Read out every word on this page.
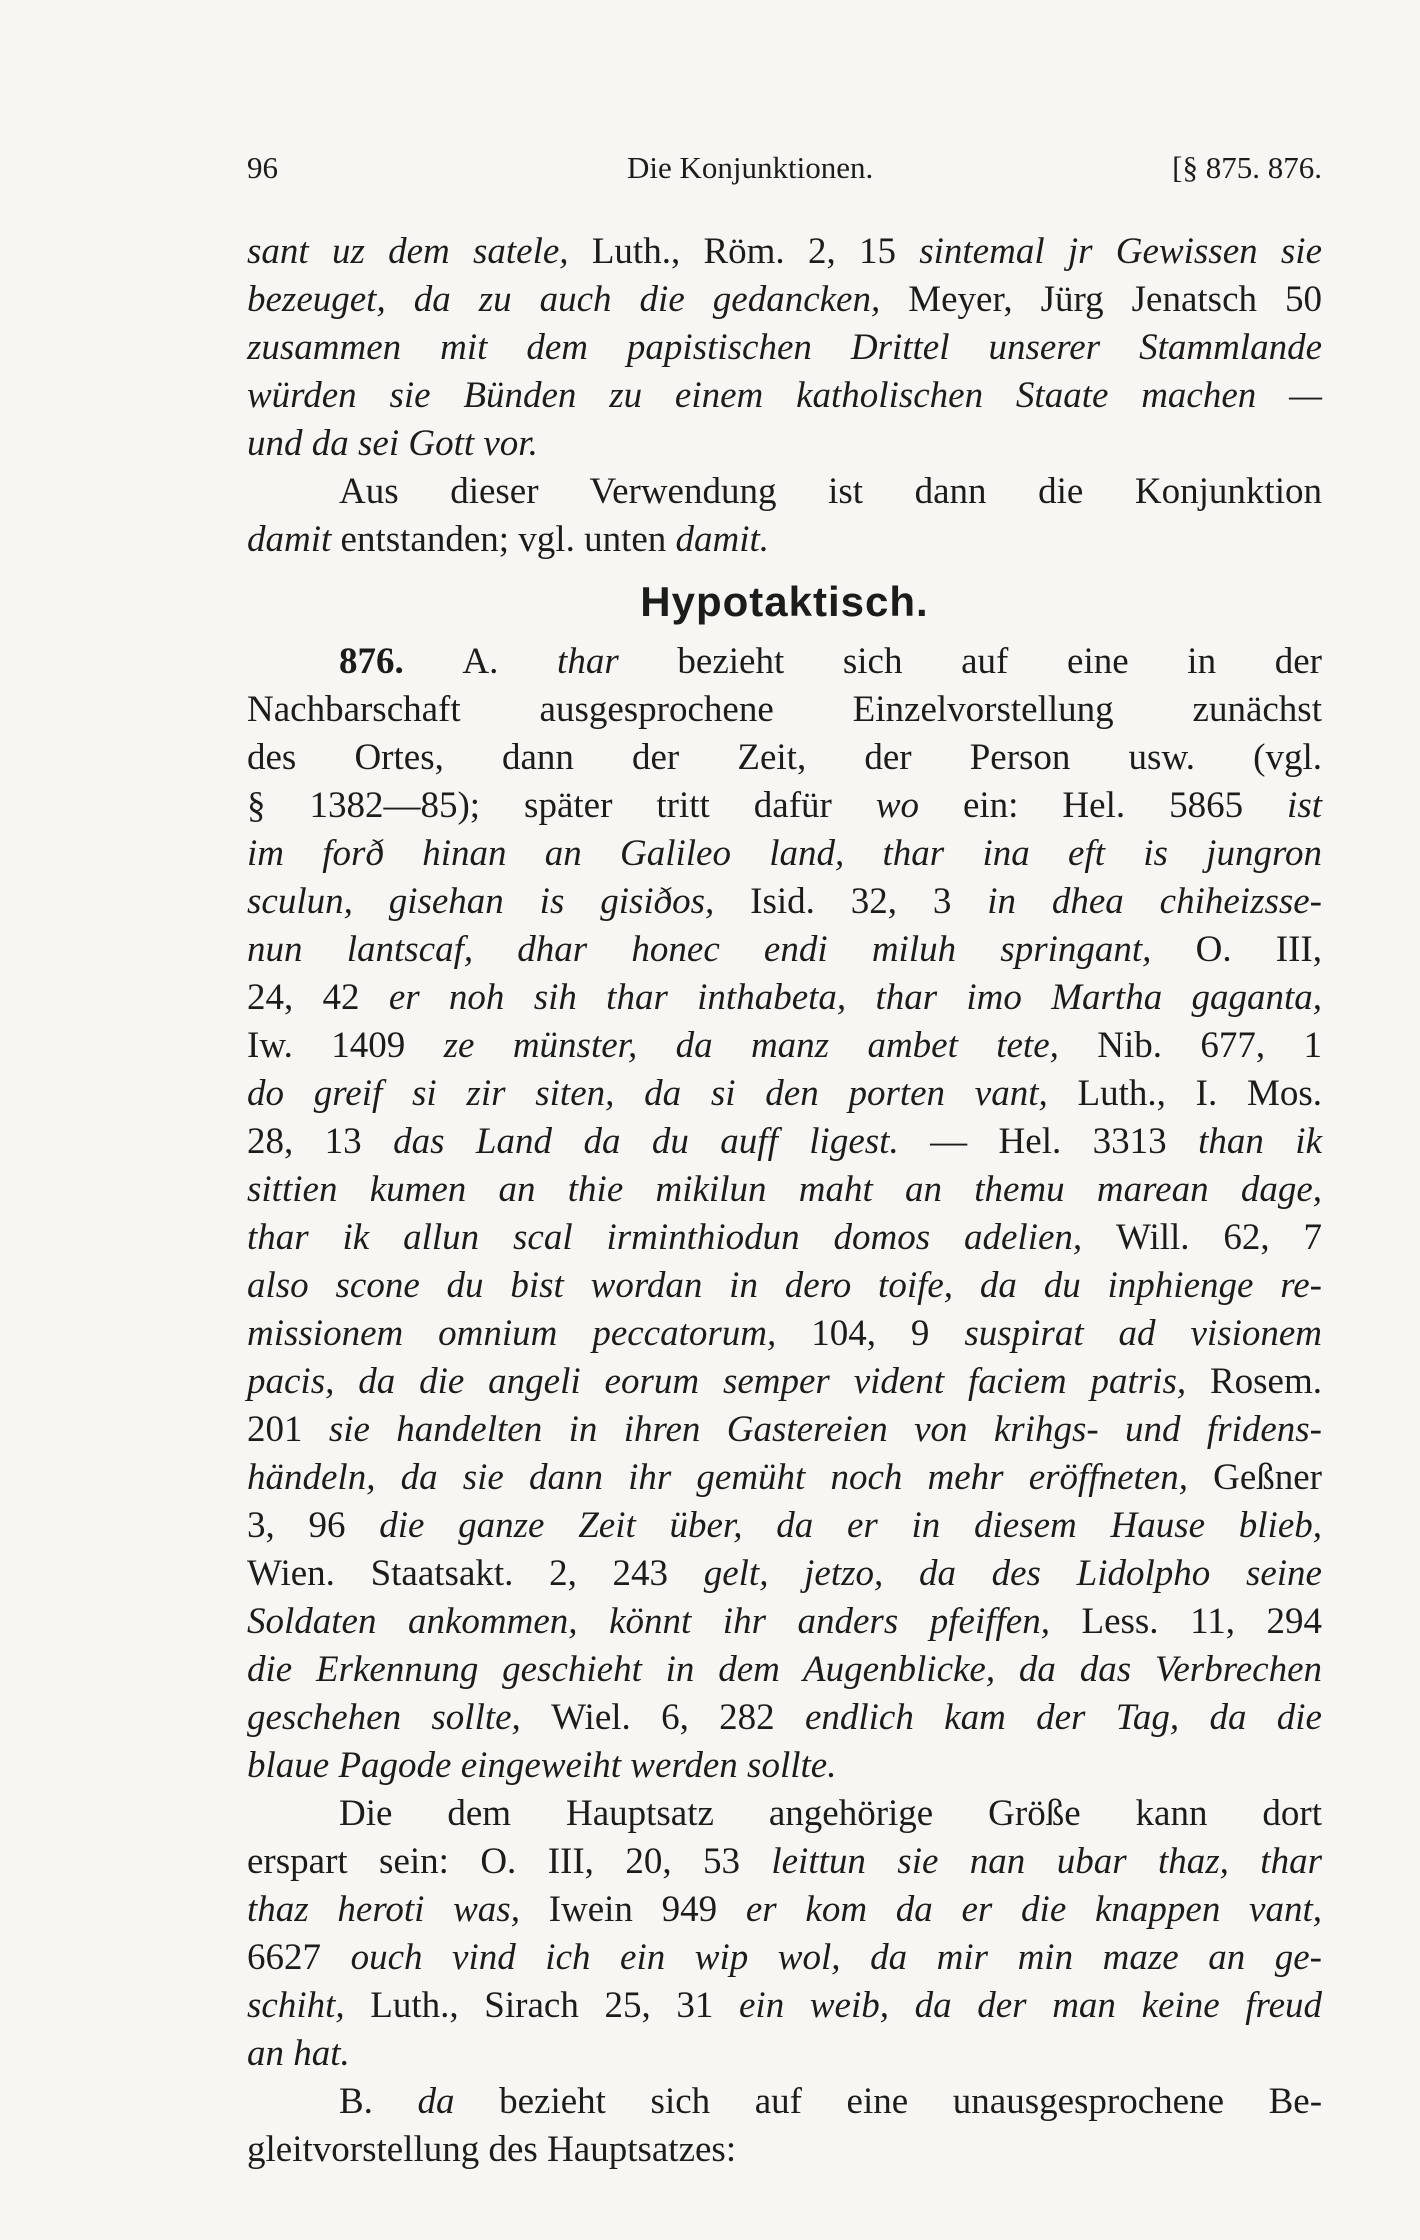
96	Die Konjunktionen.	[§ 875. 876.
sant uz dem satele, Luth., Röm. 2, 15 sintemal jr Gewissen sie
bezeuget, da zu auch die gedancken, Meyer, Jürg Jenatsch 50
zusammen mit dem papistischen Drittel unserer Stammlande
würden sie Bünden zu einem katholischen Staate machen —
und da sei Gott vor.
Aus dieser Verwendung ist dann die Konjunktion
damit entstanden; vgl. unten damit.
Hypotaktisch.
876. A. thar bezieht sich auf eine in der
Nachbarschaft ausgesprochene Einzelvorstellung zunächst
des Ortes, dann der Zeit, der Person usw. (vgl.
§ 1382—85); später tritt dafür wo ein: Hel. 5865 ist
im forð hinan an Galileo land, thar ina eft is jungron
sculun, gisehan is gisiðos, Isid. 32, 3 in dhea chiheizsse-
nun lantscaf, dhar honec endi miluh springant, O. III,
24, 42 er noh sih thar inthabeta, thar imo Martha gaganta,
Iw. 1409 ze münster, da manz ambet tete, Nib. 677, 1
do greif si zir siten, da si den porten vant, Luth., I. Mos.
28, 13 das Land da du auff ligest. — Hel. 3313 than ik
sittien kumen an thie mikilun maht an themu marean dage,
thar ik allun scal irminthiodun domos adelien, Will. 62, 7
also scone du bist wordan in dero toife, da du inphienge re-
missionem omnium peccatorum, 104, 9 suspirat ad visionem
pacis, da die angeli eorum semper vident faciem patris, Rosem.
201 sie handelten in ihren Gastereien von krihgs- und fridens-
händeln, da sie dann ihr gemüht noch mehr eröffneten, Geßner
3, 96 die ganze Zeit über, da er in diesem Hause blieb,
Wien. Staatsakt. 2, 243 gelt, jetzo, da des Lidolpho seine
Soldaten ankommen, könnt ihr anders pfeiffen, Less. 11, 294
die Erkennung geschieht in dem Augenblicke, da das Verbrechen
geschehen sollte, Wiel. 6, 282 endlich kam der Tag, da die
blaue Pagode eingeweiht werden sollte.
Die dem Hauptsatz angehörige Größe kann dort
erspart sein: O. III, 20, 53 leittun sie nan ubar thaz, thar
thaz heroti was, Iwein 949 er kom da er die knappen vant,
6627 ouch vind ich ein wip wol, da mir min maze an ge-
schiht, Luth., Sirach 25, 31 ein weib, da der man keine freud
an hat.
B. da bezieht sich auf eine unausgesprochene Be-
gleitvorstellung des Hauptsatzes:
